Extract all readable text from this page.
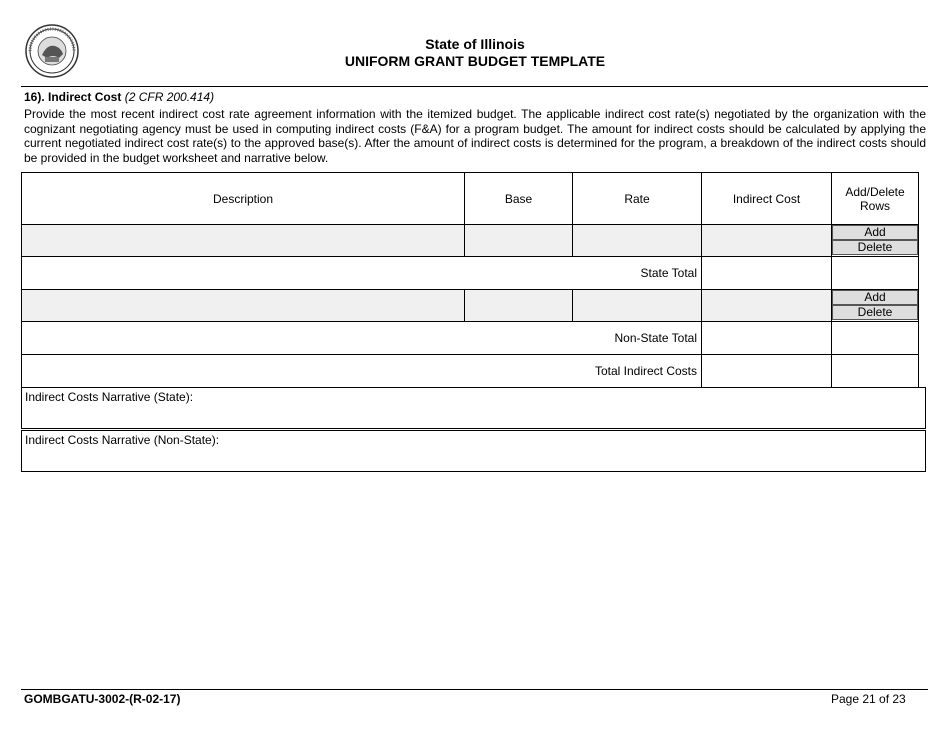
State of Illinois
UNIFORM GRANT BUDGET TEMPLATE
16). Indirect Cost (2 CFR 200.414)
Provide the most recent indirect cost rate agreement information with the itemized budget. The applicable indirect cost rate(s) negotiated by the organization with the cognizant negotiating agency must be used in computing indirect costs (F&A) for a program budget. The amount for indirect costs should be calculated by applying the current negotiated indirect cost rate(s) to the approved base(s). After the amount of indirect costs is determined for the program, a breakdown of the indirect costs should be provided in the budget worksheet and narrative below.
Description	Base	Rate	Indirect Cost	Add/Delete Rows

				Add
Delete

State Total				

				Add
Delete

Non-State Total				
Total Indirect Costs				
Indirect Costs Narrative (State):
Indirect Costs Narrative (Non-State):
GOMBGATU-3002-(R-02-17)	Page 21 of 23
